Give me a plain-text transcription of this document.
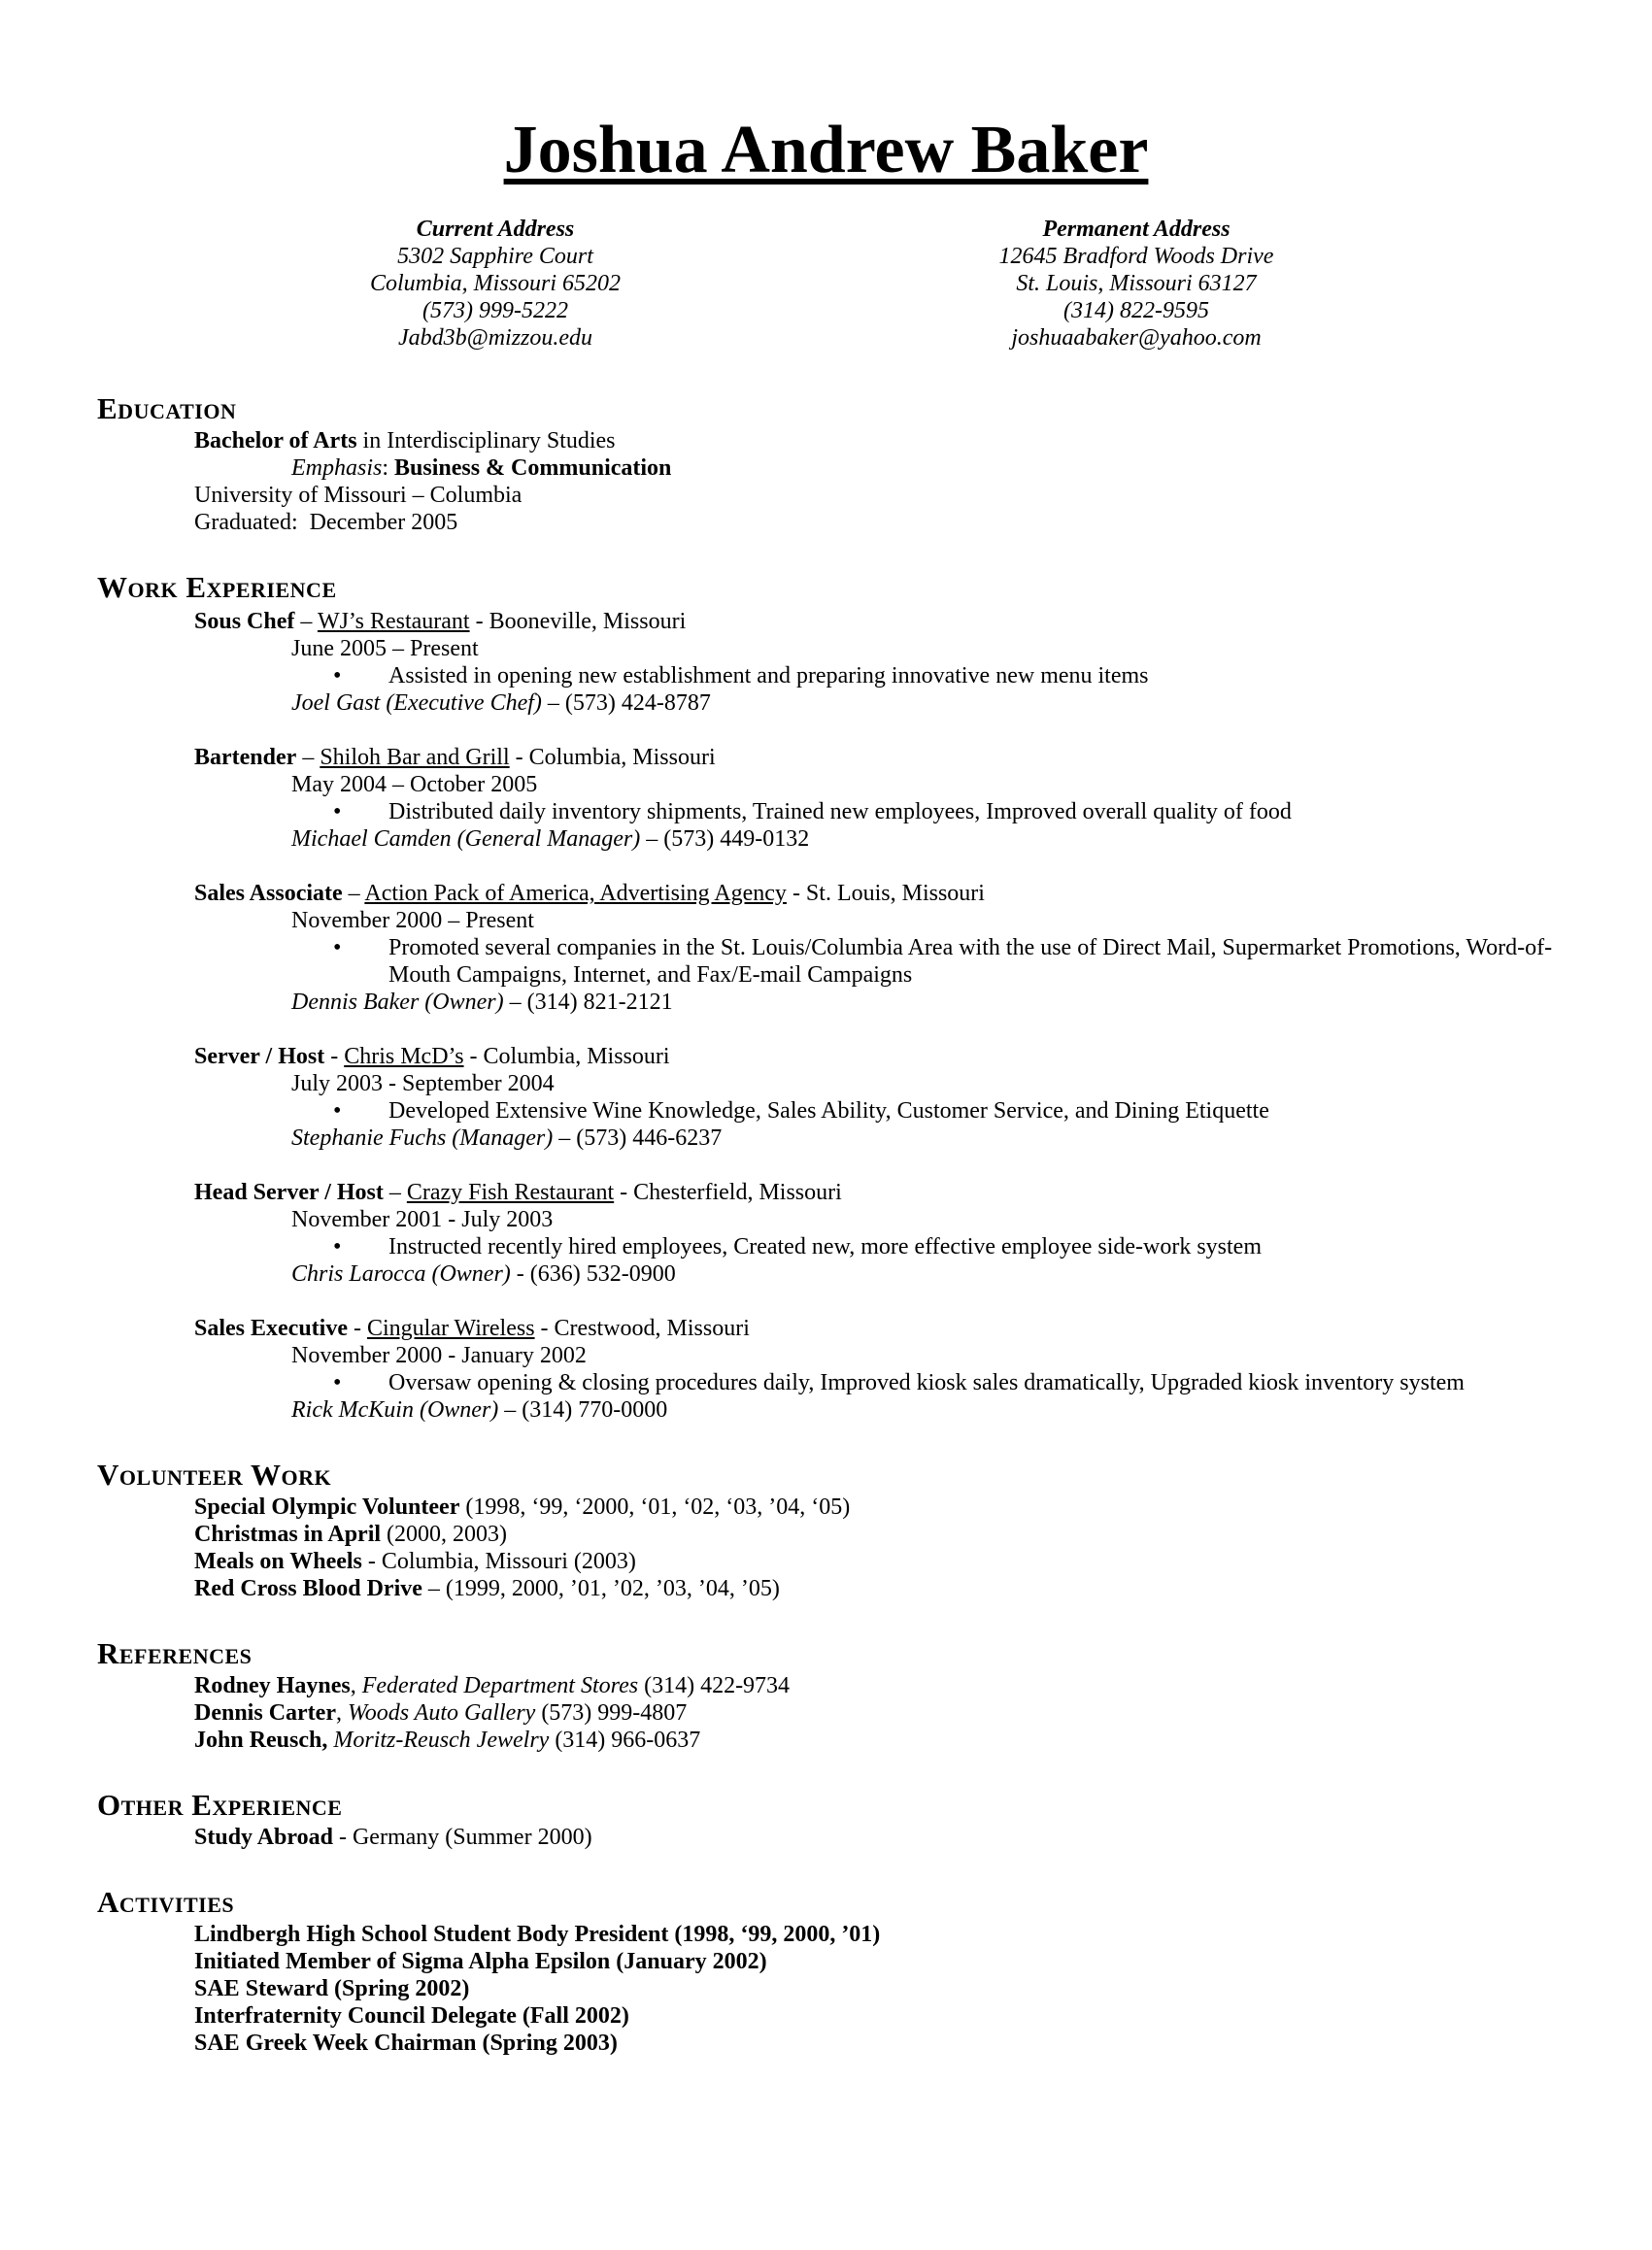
Joshua Andrew Baker
Current Address
5302 Sapphire Court
Columbia, Missouri 65202
(573) 999-5222
Jabd3b@mizzou.edu
Permanent Address
12645 Bradford Woods Drive
St. Louis, Missouri 63127
(314) 822-9595
joshuaabaker@yahoo.com
Education
Bachelor of Arts in Interdisciplinary Studies
Emphasis: Business & Communication
University of Missouri – Columbia
Graduated:  December 2005
Work Experience
Sous Chef – WJ’s Restaurant - Booneville, Missouri
June 2005 – Present
• Assisted in opening new establishment and preparing innovative new menu items
Joel Gast (Executive Chef) – (573) 424-8787
Bartender – Shiloh Bar and Grill - Columbia, Missouri
May 2004 – October 2005
• Distributed daily inventory shipments, Trained new employees, Improved overall quality of food
Michael Camden (General Manager) – (573) 449-0132
Sales Associate – Action Pack of America, Advertising Agency - St. Louis, Missouri
November 2000 – Present
• Promoted several companies in the St. Louis/Columbia Area with the use of Direct Mail, Supermarket Promotions, Word-of-Mouth Campaigns, Internet, and Fax/E-mail Campaigns
Dennis Baker (Owner) – (314) 821-2121
Server / Host - Chris McD’s - Columbia, Missouri
July 2003 - September 2004
• Developed Extensive Wine Knowledge, Sales Ability, Customer Service, and Dining Etiquette
Stephanie Fuchs (Manager) – (573) 446-6237
Head Server / Host – Crazy Fish Restaurant - Chesterfield, Missouri
November 2001 - July 2003
• Instructed recently hired employees, Created new, more effective employee side-work system
Chris Larocca (Owner) - (636) 532-0900
Sales Executive - Cingular Wireless - Crestwood, Missouri
November 2000 - January 2002
• Oversaw opening & closing procedures daily, Improved kiosk sales dramatically, Upgraded kiosk inventory system
Rick McKuin (Owner) – (314) 770-0000
Volunteer Work
Special Olympic Volunteer (1998, ‘99, ‘2000, ‘01, ‘02, ‘03, ’04, ‘05)
Christmas in April (2000, 2003)
Meals on Wheels - Columbia, Missouri (2003)
Red Cross Blood Drive – (1999, 2000, ’01, ’02, ’03, ’04, ’05)
References
Rodney Haynes, Federated Department Stores (314) 422-9734
Dennis Carter, Woods Auto Gallery (573) 999-4807
John Reusch, Moritz-Reusch Jewelry (314) 966-0637
Other Experience
Study Abroad - Germany (Summer 2000)
Activities
Lindbergh High School Student Body President (1998, ‘99, 2000, ’01)
Initiated Member of Sigma Alpha Epsilon (January 2002)
SAE Steward (Spring 2002)
Interfraternity Council Delegate (Fall 2002)
SAE Greek Week Chairman (Spring 2003)
